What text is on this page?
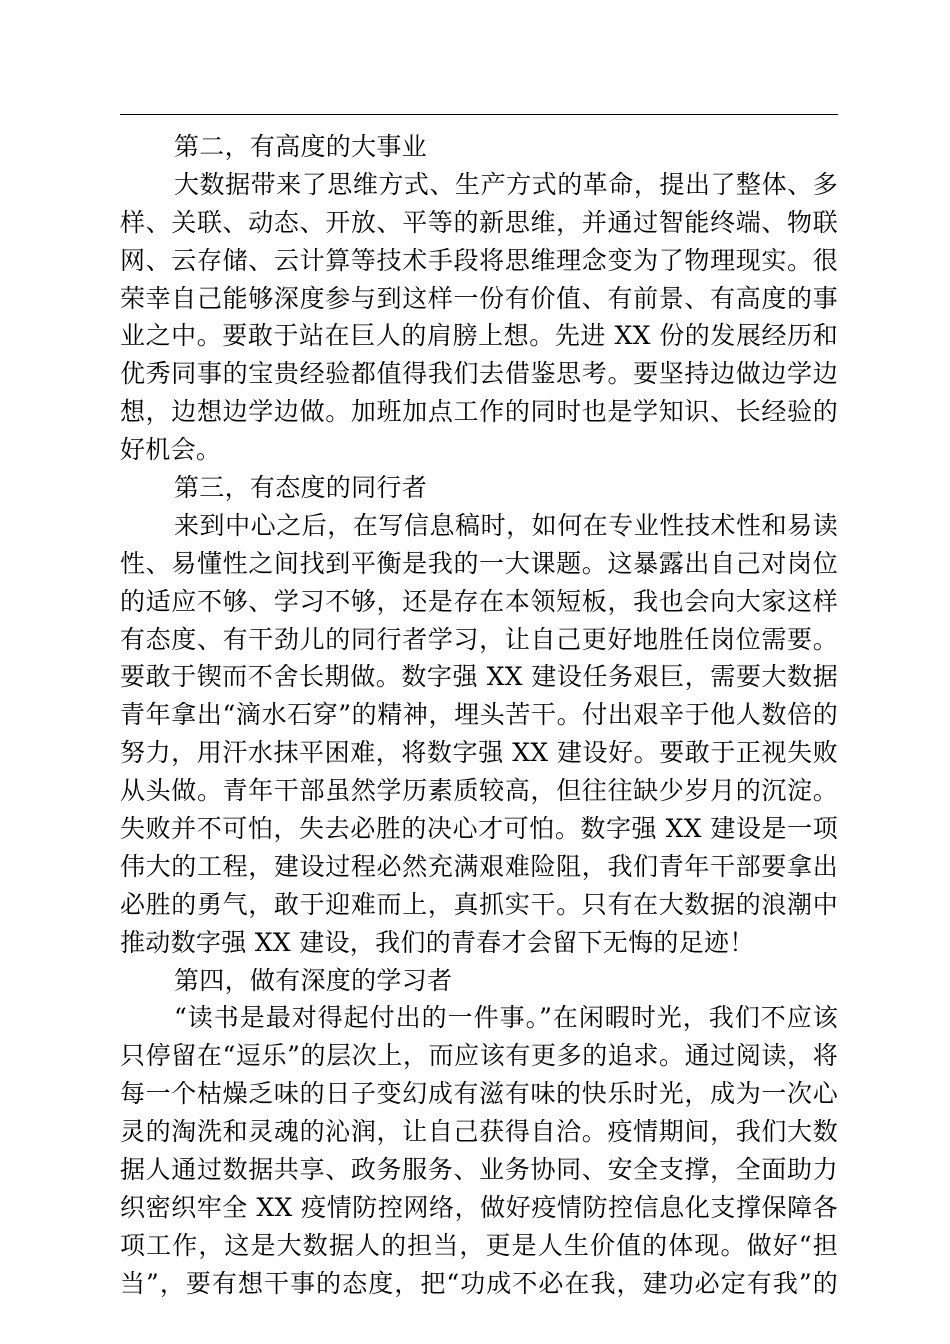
第二，有高度的大事业
大数据带来了思维方式、生产方式的革命，提出了整体、多
样、关联、动态、开放、平等的新思维，并通过智能终端、物联
网、云存储、云计算等技术手段将思维理念变为了物理现实。很
荣幸自己能够深度参与到这样一份有价值、有前景、有高度的事
业之中。要敢于站在巨人的肩膀上想。先进 XX 份的发展经历和
优秀同事的宝贵经验都值得我们去借鉴思考。要坚持边做边学边
想，边想边学边做。加班加点工作的同时也是学知识、长经验的
好机会。
第三，有态度的同行者
来到中心之后，在写信息稿时，如何在专业性技术性和易读
性、易懂性之间找到平衡是我的一大课题。这暴露出自己对岗位
的适应不够、学习不够，还是存在本领短板，我也会向大家这样
有态度、有干劲儿的同行者学习，让自己更好地胜任岗位需要。
要敢于锲而不舍长期做。数字强 XX 建设任务艰巨，需要大数据
青年拿出“滴水石穿”的精神，埋头苦干。付出艰辛于他人数倍的
努力，用汗水抹平困难，将数字强 XX 建设好。要敢于正视失败
从头做。青年干部虽然学历素质较高，但往往缺少岁月的沉淀。
失败并不可怕，失去必胜的决心才可怕。数字强 XX 建设是一项
伟大的工程，建设过程必然充满艰难险阻，我们青年干部要拿出
必胜的勇气，敢于迎难而上，真抓实干。只有在大数据的浪潮中
推动数字强 XX 建设，我们的青春才会留下无悔的足迹！
第四，做有深度的学习者
“读书是最对得起付出的一件事。”在闲暇时光，我们不应该
只停留在“逗乐”的层次上，而应该有更多的追求。通过阅读，将
每一个枯燥乏味的日子变幻成有滋有味的快乐时光，成为一次心
灵的淘洗和灵魂的沁润，让自己获得自洽。疫情期间，我们大数
据人通过数据共享、政务服务、业务协同、安全支撑，全面助力
织密织牢全 XX 疫情防控网络，做好疫情防控信息化支撑保障各
项工作，这是大数据人的担当，更是人生价值的体现。做好“担
当”，要有想干事的态度，把“功成不必在我，建功必定有我”的
